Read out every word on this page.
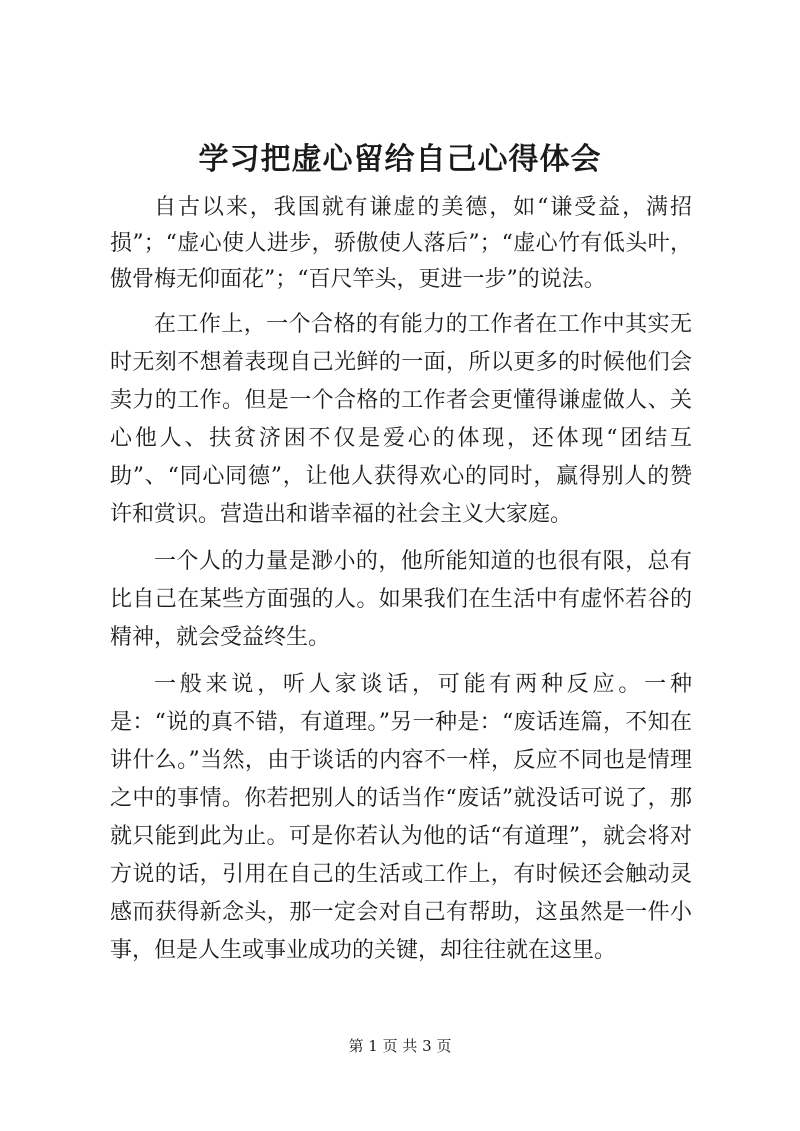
学习把虚心留给自己心得体会

自古以来，我国就有谦虚的美德，如“谦受益，满招损”；“虚心使人进步，骄傲使人落后”；“虚心竹有低头叶，傲骨梅无仰面花”；“百尺竿头，更进一步”的说法。

在工作上，一个合格的有能力的工作者在工作中其实无时无刻不想着表现自己光鲜的一面，所以更多的时候他们会卖力的工作。但是一个合格的工作者会更懂得谦虚做人、关心他人、扶贫济困不仅是爱心的体现，还体现“团结互助”、“同心同德”，让他人获得欢心的同时，赢得别人的赞许和赏识。营造出和谐幸福的社会主义大家庭。

一个人的力量是渺小的，他所能知道的也很有限，总有比自己在某些方面强的人。如果我们在生活中有虚怀若谷的精神，就会受益终生。

一般来说，听人家谈话，可能有两种反应。一种是：“说的真不错，有道理。”另一种是：“废话连篇，不知在讲什么。”当然，由于谈话的内容不一样，反应不同也是情理之中的事情。你若把别人的话当作“废话”就没话可说了，那就只能到此为止。可是你若认为他的话“有道理”，就会将对方说的话，引用在自己的生活或工作上，有时候还会触动灵感而获得新念头，那一定会对自己有帮助，这虽然是一件小事，但是人生或事业成功的关键，却往往就在这里。

第 1 页 共 3 页
